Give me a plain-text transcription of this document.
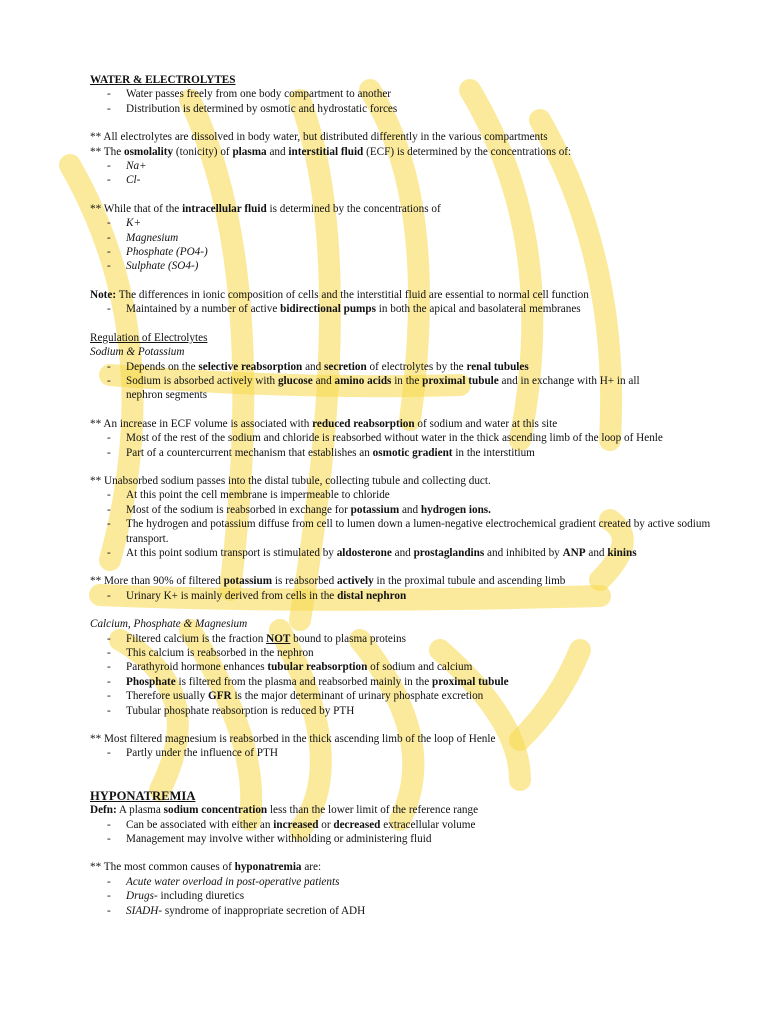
WATER & ELECTROLYTES
- Water passes freely from one body compartment to another
- Distribution is determined by osmotic and hydrostatic forces
** All electrolytes are dissolved in body water, but distributed differently in the various compartments
** The osmolality (tonicity) of plasma and interstitial fluid (ECF) is determined by the concentrations of:
- Na+
- Cl-
** While that of the intracellular fluid is determined by the concentrations of
- K+
- Magnesium
- Phosphate (PO4-)
- Sulphate (SO4-)
Note: The differences in ionic composition of cells and the interstitial fluid are essential to normal cell function
- Maintained by a number of active bidirectional pumps in both the apical and basolateral membranes
Regulation of Electrolytes
Sodium & Potassium
- Depends on the selective reabsorption and secretion of electrolytes by the renal tubules
- Sodium is absorbed actively with glucose and amino acids in the proximal tubule and in exchange with H+ in all nephron segments
** An increase in ECF volume is associated with reduced reabsorption of sodium and water at this site
- Most of the rest of the sodium and chloride is reabsorbed without water in the thick ascending limb of the loop of Henle
- Part of a countercurrent mechanism that establishes an osmotic gradient in the interstitium
** Unabsorbed sodium passes into the distal tubule, collecting tubule and collecting duct.
- At this point the cell membrane is impermeable to chloride
- Most of the sodium is reabsorbed in exchange for potassium and hydrogen ions.
- The hydrogen and potassium diffuse from cell to lumen down a lumen-negative electrochemical gradient created by active sodium transport.
- At this point sodium transport is stimulated by aldosterone and prostaglandins and inhibited by ANP and kinins
** More than 90% of filtered potassium is reabsorbed actively in the proximal tubule and ascending limb
- Urinary K+ is mainly derived from cells in the distal nephron
Calcium, Phosphate & Magnesium
- Filtered calcium is the fraction NOT bound to plasma proteins
- This calcium is reabsorbed in the nephron
- Parathyroid hormone enhances tubular reabsorption of sodium and calcium
- Phosphate is filtered from the plasma and reabsorbed mainly in the proximal tubule
- Therefore usually GFR is the major determinant of urinary phosphate excretion
- Tubular phosphate reabsorption is reduced by PTH
** Most filtered magnesium is reabsorbed in the thick ascending limb of the loop of Henle
- Partly under the influence of PTH
HYPONATREMIA
Defn: A plasma sodium concentration less than the lower limit of the reference range
- Can be associated with either an increased or decreased extracellular volume
- Management may involve wither withholding or administering fluid
** The most common causes of hyponatremia are:
- Acute water overload in post-operative patients
- Drugs- including diuretics
- SIADH- syndrome of inappropriate secretion of ADH
